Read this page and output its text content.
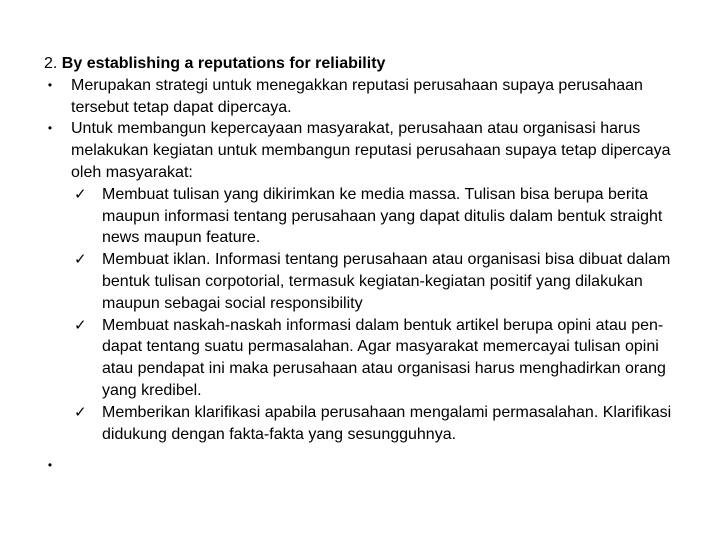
2. By establishing a reputations for reliability

• Merupakan strategi untuk menegakkan reputasi perusahaan supaya perusahaan tersebut tetap dapat dipercaya.
• Untuk membangun kepercayaan masyarakat, perusahaan atau organisasi harus melakukan kegiatan untuk membangun reputasi perusahaan supaya tetap dipercaya oleh masyarakat:
✓ Membuat tulisan yang dikirimkan ke media massa. Tulisan bisa berupa berita maupun informasi tentang perusahaan yang dapat ditulis dalam bentuk straight news maupun feature.
✓ Membuat iklan. Informasi tentang perusahaan atau organisasi bisa dibuat dalam bentuk tulisan corpotorial, termasuk kegiatan-kegiatan positif yang dilakukan maupun sebagai social responsibility
✓ Membuat naskah-naskah informasi dalam bentuk artikel berupa opini atau pen-dapat tentang suatu permasalahan. Agar masyarakat memercayai tulisan opini atau pendapat ini maka perusahaan atau organisasi harus menghadirkan orang yang kredibel.
✓ Memberikan klarifikasi apabila perusahaan mengalami permasalahan. Klarifikasi didukung dengan fakta-fakta yang sesungguhnya.
•
